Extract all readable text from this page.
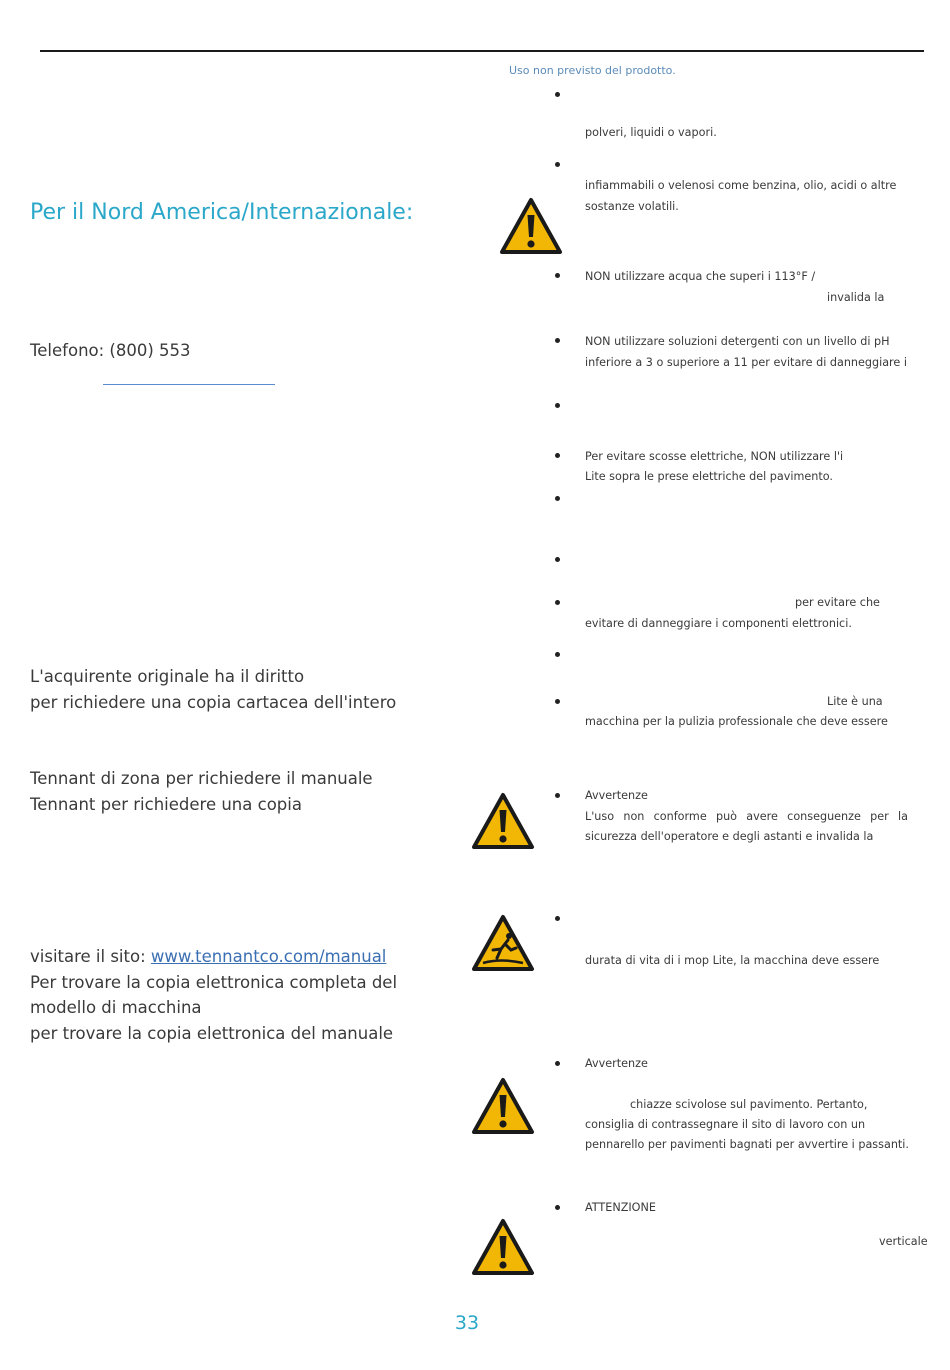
Per il Nord America/Internazionale:
Telefono: (800) 553
L'acquirente originale ha il diritto
per richiedere una copia cartacea dell'intero
Tennant di zona per richiedere il manuale
Tennant per richiedere una copia
visitare il sito: www.tennantco.com/manual
Per trovare la copia elettronica completa del
modello di macchina
per trovare la copia elettronica del manuale
Uso non previsto del prodotto.
polveri, liquidi o vapori.
infiammabili o velenosi come benzina, olio, acidi o altre
sostanze volatili.
NON utilizzare acqua che superi i 113°F /
invalida la
NON utilizzare soluzioni detergenti con un livello di pH
inferiore a 3 o superiore a 11 per evitare di danneggiare i
Per evitare scosse elettriche, NON utilizzare l'i
Lite sopra le prese elettriche del pavimento.
per evitare che
evitare di danneggiare i componenti elettronici.
Lite è una
macchina per la pulizia professionale che deve essere
Avvertenze
L'uso non conforme può avere conseguenze per la
sicurezza dell'operatore e degli astanti e invalida la
durata di vita di i mop Lite, la macchina deve essere
Avvertenze
chiazze scivolose sul pavimento. Pertanto,
consiglia di contrassegnare il sito di lavoro con un
pennarello per pavimenti bagnati per avvertire i passanti.
ATTENZIONE
verticale
33
